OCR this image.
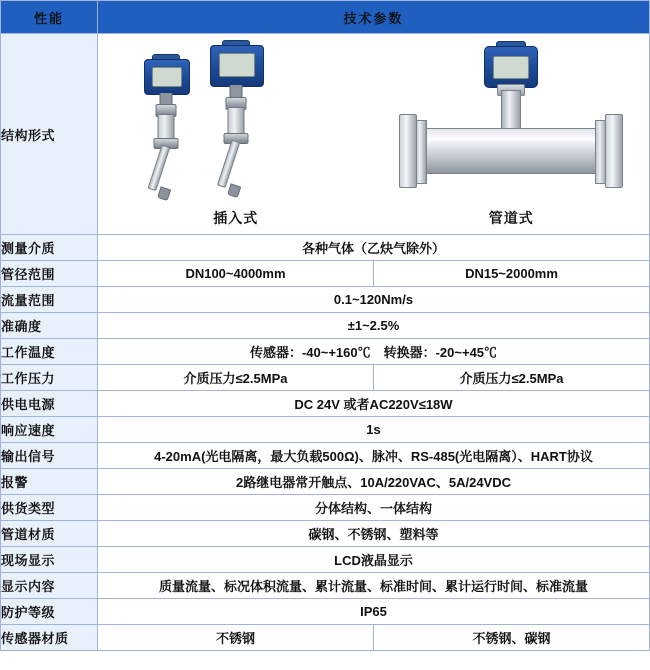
性能	技术参数	
结构形式	插入式 管道式	

测量介质	各种气体（乙炔气除外）	
管径范围	DN100~4000mm	DN15~2000mm
流量范围	0.1~120Nm/s	
准确度	±1~2.5%	
工作温度	传感器：-40~+160℃　转换器：-20~+45℃	
工作压力	介质压力≤2.5MPa	介质压力≤2.5MPa
供电电源	DC 24V 或者AC220V≤18W	
响应速度	1s	
输出信号	4-20mA(光电隔离，最大负载500Ω)、脉冲、RS-485(光电隔离）、HART协议	
报警	2路继电器常开触点、10A/220VAC、5A/24VDC	
供货类型	分体结构、一体结构	
管道材质	碳钢、不锈钢、塑料等	
现场显示	LCD液晶显示	
显示内容	质量流量、标况体积流量、累计流量、标准时间、累计运行时间、标准流量	
防护等级	IP65	
传感器材质	不锈钢	不锈钢、碳钢
